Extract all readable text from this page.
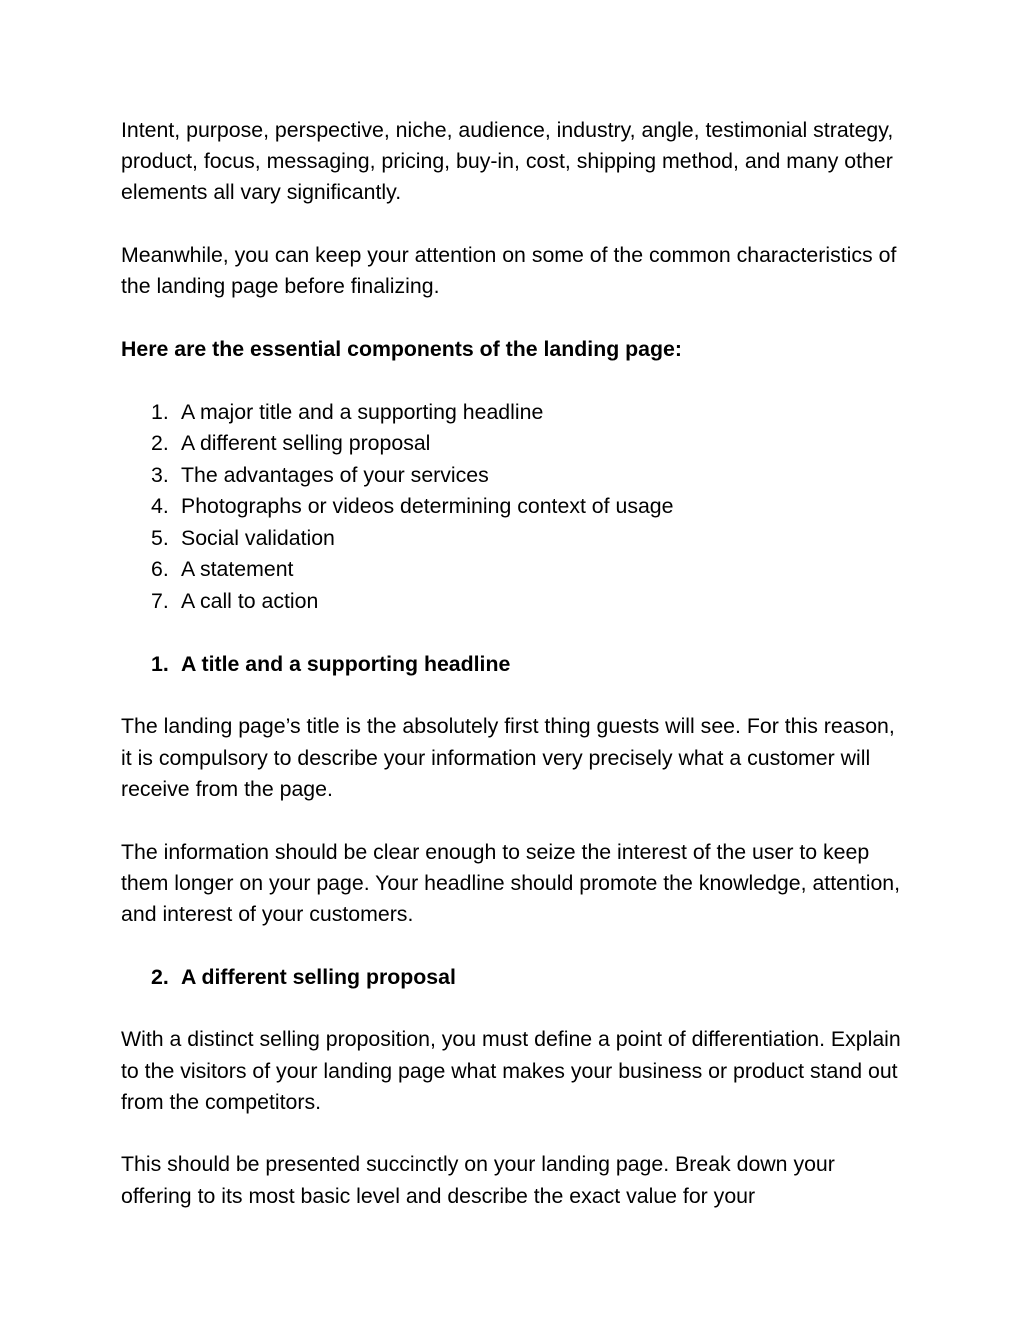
Intent, purpose, perspective, niche, audience, industry, angle, testimonial strategy, product, focus, messaging, pricing, buy-in, cost, shipping method, and many other elements all vary significantly.

Meanwhile, you can keep your attention on some of the common characteristics of the landing page before finalizing.

Here are the essential components of the landing page:

1. A major title and a supporting headline
2. A different selling proposal
3. The advantages of your services
4. Photographs or videos determining context of usage
5. Social validation
6. A statement
7. A call to action
1. A title and a supporting headline

The landing page’s title is the absolutely first thing guests will see. For this reason, it is compulsory to describe your information very precisely what a customer will receive from the page.

The information should be clear enough to seize the interest of the user to keep them longer on your page. Your headline should promote the knowledge, attention, and interest of your customers.

2. A different selling proposal

With a distinct selling proposition, you must define a point of differentiation. Explain to the visitors of your landing page what makes your business or product stand out from the competitors.

This should be presented succinctly on your landing page. Break down your offering to its most basic level and describe the exact value for your
